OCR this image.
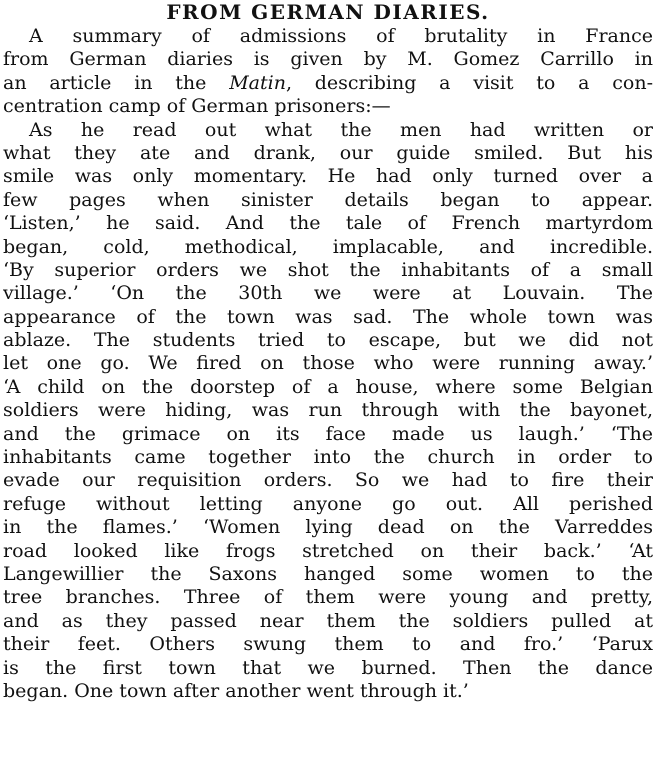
FROM GERMAN DIARIES.
A summary of admissions of brutality in France
from German diaries is given by M. Gomez Carrillo in
an article in the Matin, describing a visit to a con-
centration camp of German prisoners:—
As he read out what the men had written or
what they ate and drank, our guide smiled. But his
smile was only momentary. He had only turned over a
few pages when sinister details began to appear.
‘Listen,’ he said. And the tale of French martyrdom
began, cold, methodical, implacable, and incredible.
‘By superior orders we shot the inhabitants of a small
village.’ ‘On the 30th we were at Louvain. The
appearance of the town was sad. The whole town was
ablaze. The students tried to escape, but we did not
let one go. We fired on those who were running away.’
‘A child on the doorstep of a house, where some Belgian
soldiers were hiding, was run through with the bayonet,
and the grimace on its face made us laugh.’ ‘The
inhabitants came together into the church in order to
evade our requisition orders. So we had to fire their
refuge without letting anyone go out. All perished
in the flames.’ ‘Women lying dead on the Varreddes
road looked like frogs stretched on their back.’ ‘At
Langewillier the Saxons hanged some women to the
tree branches. Three of them were young and pretty,
and as they passed near them the soldiers pulled at
their feet. Others swung them to and fro.’ ‘Parux
is the first town that we burned. Then the dance
began. One town after another went through it.’
